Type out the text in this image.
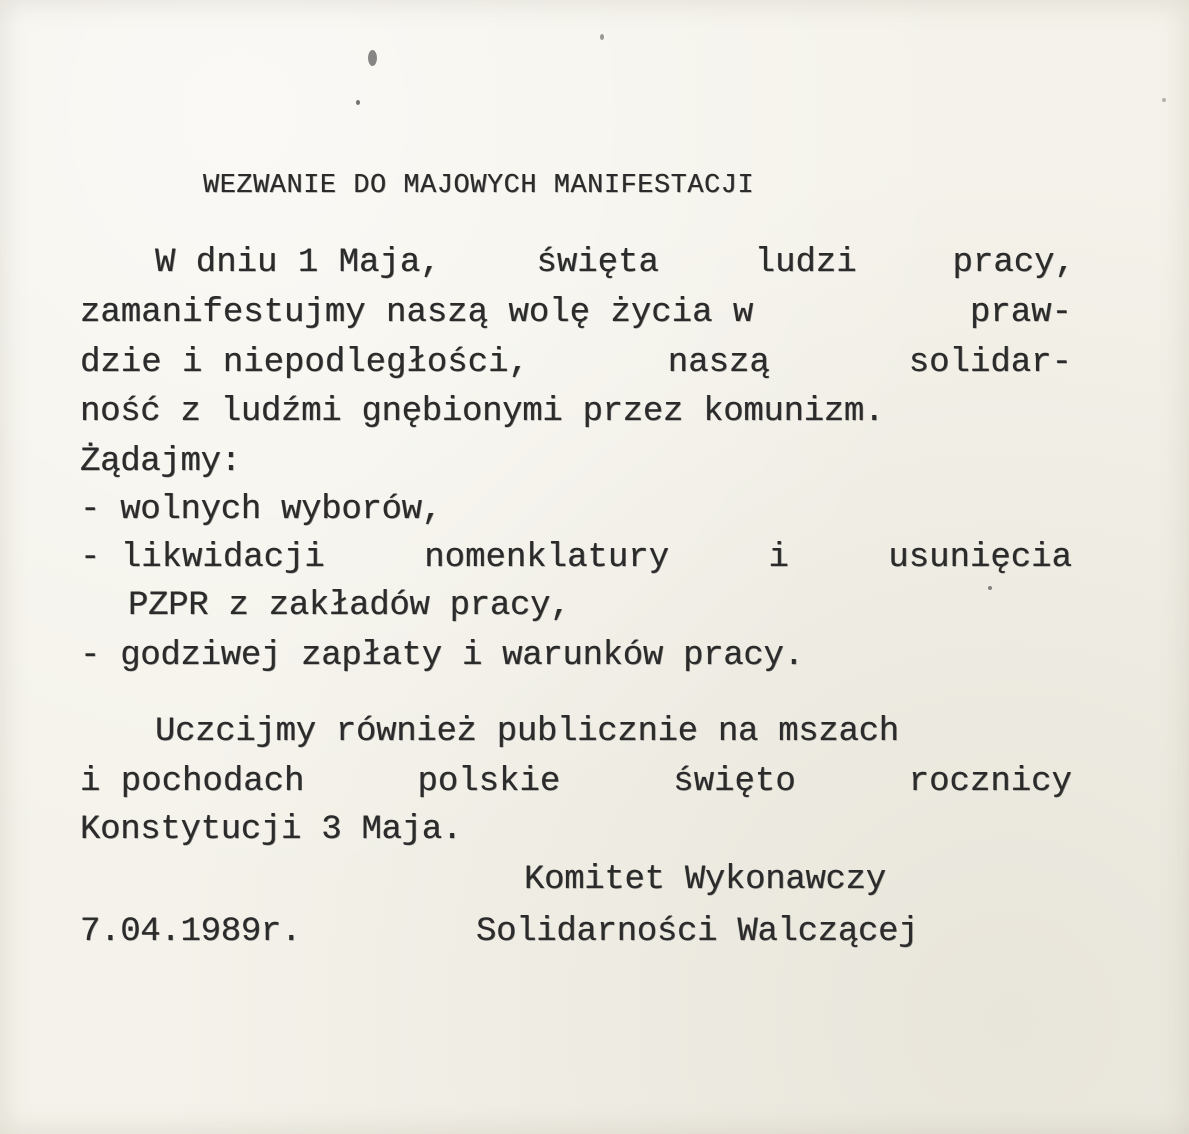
WEZWANIE DO MAJOWYCH MANIFESTACJI
W dniu 1 Maja,	święta	ludzi	pracy,
zamanifestujmy naszą wolę życia w	praw-
dzie i niepodległości,	naszą	solidar-
ność z ludźmi gnębionymi przez komunizm.
Żądajmy:
- wolnych wyborów,
- likwidacji	nomenklatury	i	usunięcia
PZPR z zakładów pracy,
- godziwej zapłaty i warunków pracy.
Uczcijmy również publicznie na mszach
i pochodach	polskie	święto	rocznicy
Konstytucji 3 Maja.
Komitet Wykonawczy
7.04.1989r.	Solidarności Walczącej
